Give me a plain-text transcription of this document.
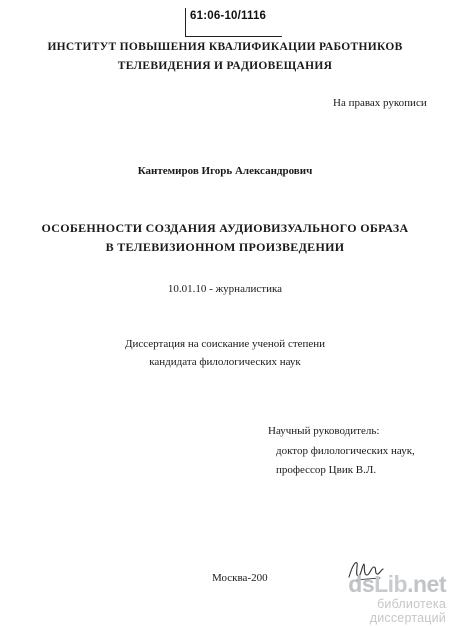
61:06-10/1116

ИНСТИТУТ ПОВЫШЕНИЯ КВАЛИФИКАЦИИ РАБОТНИКОВ

ТЕЛЕВИДЕНИЯ И РАДИОВЕЩАНИЯ

На правах рукописи

Кантемиров Игорь Александрович

ОСОБЕННОСТИ СОЗДАНИЯ АУДИОВИЗУАЛЬНОГО ОБРАЗА

В ТЕЛЕВИЗИОННОМ ПРОИЗВЕДЕНИИ

10.01.10 - журналистика

Диссертация на соискание ученой степени

кандидата филологических наук

Научный руководитель:

доктор филологических наук,

профессор Цвик В.Л.

Москва-200	dsLib.net
библиотека диссертаций
